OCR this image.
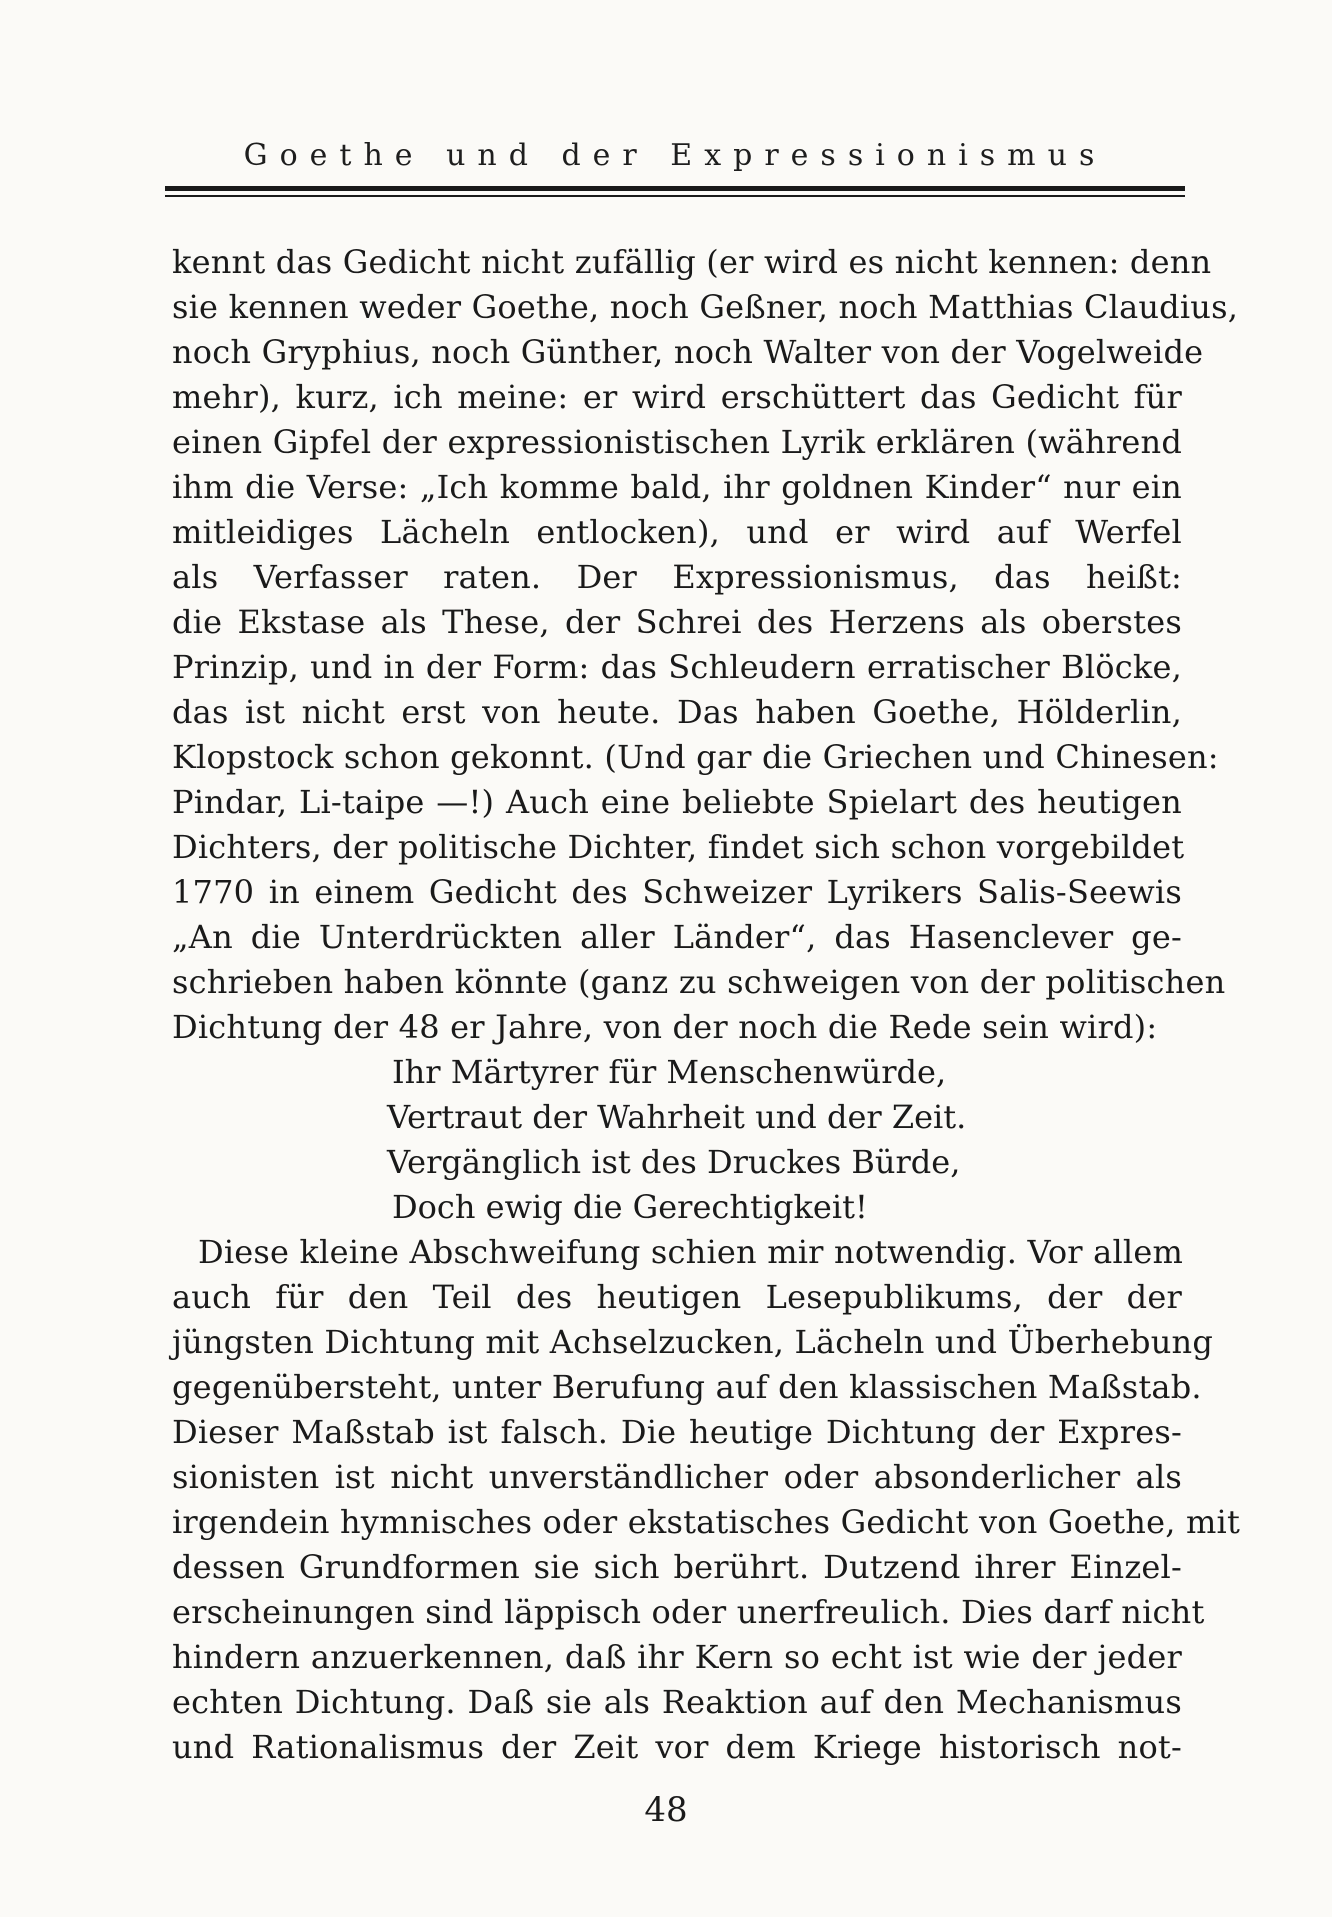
Goethe und der Expressionismus
kennt das Gedicht nicht zufällig (er wird es nicht kennen: denn
sie kennen weder Goethe, noch Geßner, noch Matthias Claudius,
noch Gryphius, noch Günther, noch Walter von der Vogelweide
mehr), kurz, ich meine: er wird erschüttert das Gedicht für
einen Gipfel der expressionistischen Lyrik erklären (während
ihm die Verse: „Ich komme bald, ihr goldnen Kinder“ nur ein
mitleidiges Lächeln entlocken), und er wird auf Werfel
als Verfasser raten. Der Expressionismus, das heißt:
die Ekstase als These, der Schrei des Herzens als oberstes
Prinzip, und in der Form: das Schleudern erratischer Blöcke,
das ist nicht erst von heute. Das haben Goethe, Hölderlin,
Klopstock schon gekonnt. (Und gar die Griechen und Chinesen:
Pindar, Li-taipe —!) Auch eine beliebte Spielart des heutigen
Dichters, der politische Dichter, findet sich schon vorgebildet
1770 in einem Gedicht des Schweizer Lyrikers Salis-Seewis
„An die Unterdrückten aller Länder“, das Hasenclever ge-
schrieben haben könnte (ganz zu schweigen von der politischen
Dichtung der 48 er Jahre, von der noch die Rede sein wird):
Ihr Märtyrer für Menschenwürde,
Vertraut der Wahrheit und der Zeit.
Vergänglich ist des Druckes Bürde,
Doch ewig die Gerechtigkeit!
Diese kleine Abschweifung schien mir notwendig. Vor allem
auch für den Teil des heutigen Lesepublikums, der der
jüngsten Dichtung mit Achselzucken, Lächeln und Überhebung
gegenübersteht, unter Berufung auf den klassischen Maßstab.
Dieser Maßstab ist falsch. Die heutige Dichtung der Expres-
sionisten ist nicht unverständlicher oder absonderlicher als
irgendein hymnisches oder ekstatisches Gedicht von Goethe, mit
dessen Grundformen sie sich berührt. Dutzend ihrer Einzel-
erscheinungen sind läppisch oder unerfreulich. Dies darf nicht
hindern anzuerkennen, daß ihr Kern so echt ist wie der jeder
echten Dichtung. Daß sie als Reaktion auf den Mechanismus
und Rationalismus der Zeit vor dem Kriege historisch not-
48
